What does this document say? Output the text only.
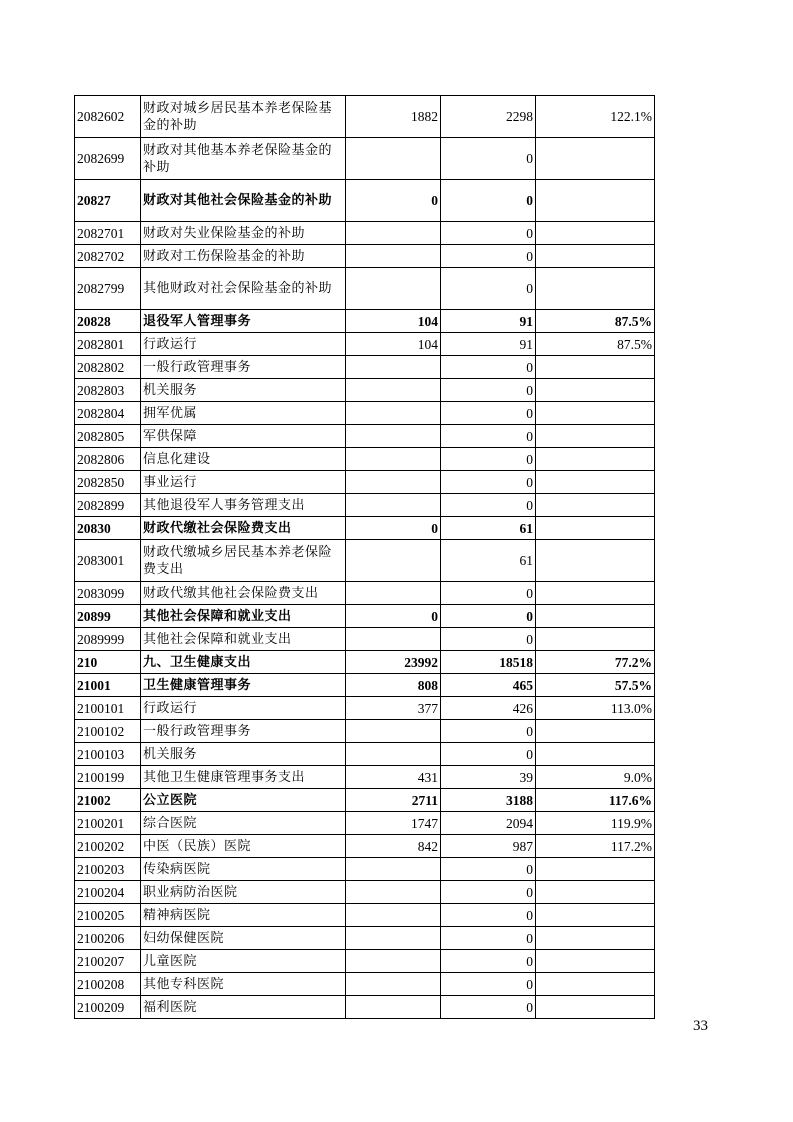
2082602	财政对城乡居民基本养老保险基金的补助	1882	2298	122.1%
2082699	财政对其他基本养老保险基金的补助		0	
20827	财政对其他社会保险基金的补助	0	0	
2082701	财政对失业保险基金的补助		0	
2082702	财政对工伤保险基金的补助		0	
2082799	其他财政对社会保险基金的补助		0	
20828	退役军人管理事务	104	91	87.5%
2082801	行政运行	104	91	87.5%
2082802	一般行政管理事务		0	
2082803	机关服务		0	
2082804	拥军优属		0	
2082805	军供保障		0	
2082806	信息化建设		0	
2082850	事业运行		0	
2082899	其他退役军人事务管理支出		0	
20830	财政代缴社会保险费支出	0	61	
2083001	财政代缴城乡居民基本养老保险费支出		61	
2083099	财政代缴其他社会保险费支出		0	
20899	其他社会保障和就业支出	0	0	
2089999	其他社会保障和就业支出		0	
210	九、卫生健康支出	23992	18518	77.2%
21001	卫生健康管理事务	808	465	57.5%
2100101	行政运行	377	426	113.0%
2100102	一般行政管理事务		0	
2100103	机关服务		0	
2100199	其他卫生健康管理事务支出	431	39	9.0%
21002	公立医院	2711	3188	117.6%
2100201	综合医院	1747	2094	119.9%
2100202	中医（民族）医院	842	987	117.2%
2100203	传染病医院		0	
2100204	职业病防治医院		0	
2100205	精神病医院		0	
2100206	妇幼保健医院		0	
2100207	儿童医院		0	
2100208	其他专科医院		0	
2100209	福利医院		0	
33
